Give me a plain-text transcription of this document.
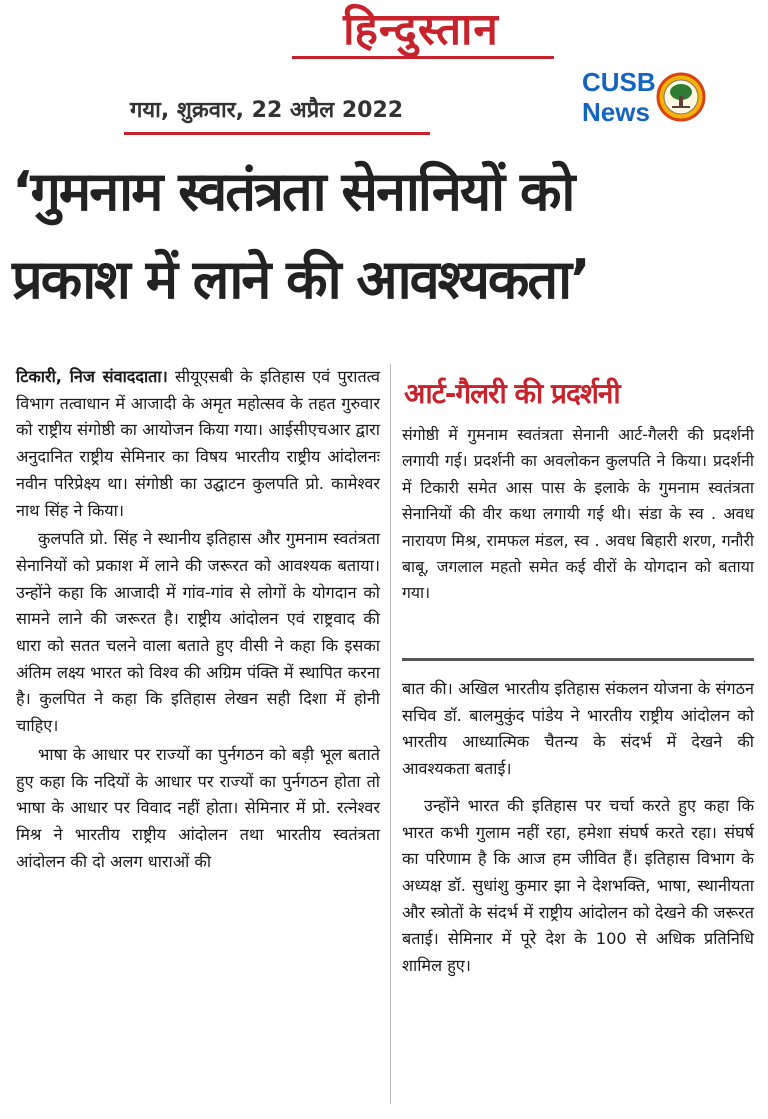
हिन्दुस्तान
गया, शुक्रवार, 22 अप्रैल 2022
CUSB
News
‘गुमनाम स्वतंत्रता सेनानियों को
प्रकाश में लाने की आवश्यकता’

टिकारी, निज संवाददाता। सीयूएसबी के इतिहास एवं पुरातत्व विभाग तत्वाधान में आजादी के अमृत महोत्सव के तहत गुरुवार को राष्ट्रीय संगोष्ठी का आयोजन किया गया। आईसीएचआर द्वारा अनुदानित राष्ट्रीय सेमिनार का विषय भारतीय राष्ट्रीय आंदोलनः नवीन परिप्रेक्ष्य था। संगोष्ठी का उद्घाटन कुलपति प्रो. कामेश्वर नाथ सिंह ने किया।

कुलपति प्रो. सिंह ने स्थानीय इतिहास और गुमनाम स्वतंत्रता सेनानियों को प्रकाश में लाने की जरूरत को आवश्यक बताया। उन्होंने कहा कि आजादी में गांव-गांव से लोगों के योगदान को सामने लाने की जरूरत है। राष्ट्रीय आंदोलन एवं राष्ट्रवाद की धारा को सतत चलने वाला बताते हुए वीसी ने कहा कि इसका अंतिम लक्ष्य भारत को विश्व की अग्रिम पंक्ति में स्थापित करना है। कुलपित ने कहा कि इतिहास लेखन सही दिशा में होनी चाहिए।

भाषा के आधार पर राज्यों का पुर्नगठन को बड़ी भूल बताते हुए कहा कि नदियों के आधार पर राज्यों का पुर्नगठन होता तो भाषा के आधार पर विवाद नहीं होता। सेमिनार में प्रो. रत्नेश्वर मिश्र ने भारतीय राष्ट्रीय आंदोलन तथा भारतीय स्वतंत्रता आंदोलन की दो अलग धाराओं की

आर्ट-गैलरी की प्रदर्शनी

संगोष्ठी में गुमनाम स्वतंत्रता सेनानी आर्ट-गैलरी की प्रदर्शनी लगायी गई। प्रदर्शनी का अवलोकन कुलपति ने किया। प्रदर्शनी में टिकारी समेत आस पास के इलाके के गुमनाम स्वतंत्रता सेनानियों की वीर कथा लगायी गई थी। संडा के स्व . अवध नारायण मिश्र, रामफल मंडल, स्व . अवध बिहारी शरण, गनौरी बाबू, जगलाल महतो समेत कई वीरों के योगदान को बताया गया।

बात की। अखिल भारतीय इतिहास संकलन योजना के संगठन सचिव डॉ. बालमुकुंद पांडेय ने भारतीय राष्ट्रीय आंदोलन को भारतीय आध्यात्मिक चैतन्य के संदर्भ में देखने की आवश्यकता बताई।

उन्होंने भारत की इतिहास पर चर्चा करते हुए कहा कि भारत कभी गुलाम नहीं रहा, हमेशा संघर्ष करते रहा। संघर्ष का परिणाम है कि आज हम जीवित हैं। इतिहास विभाग के अध्यक्ष डॉ. सुधांशु कुमार झा ने देशभक्ति, भाषा, स्थानीयता और स्त्रोतों के संदर्भ में राष्ट्रीय आंदोलन को देखने की जरूरत बताई। सेमिनार में पूरे देश के 100 से अधिक प्रतिनिधि शामिल हुए।
